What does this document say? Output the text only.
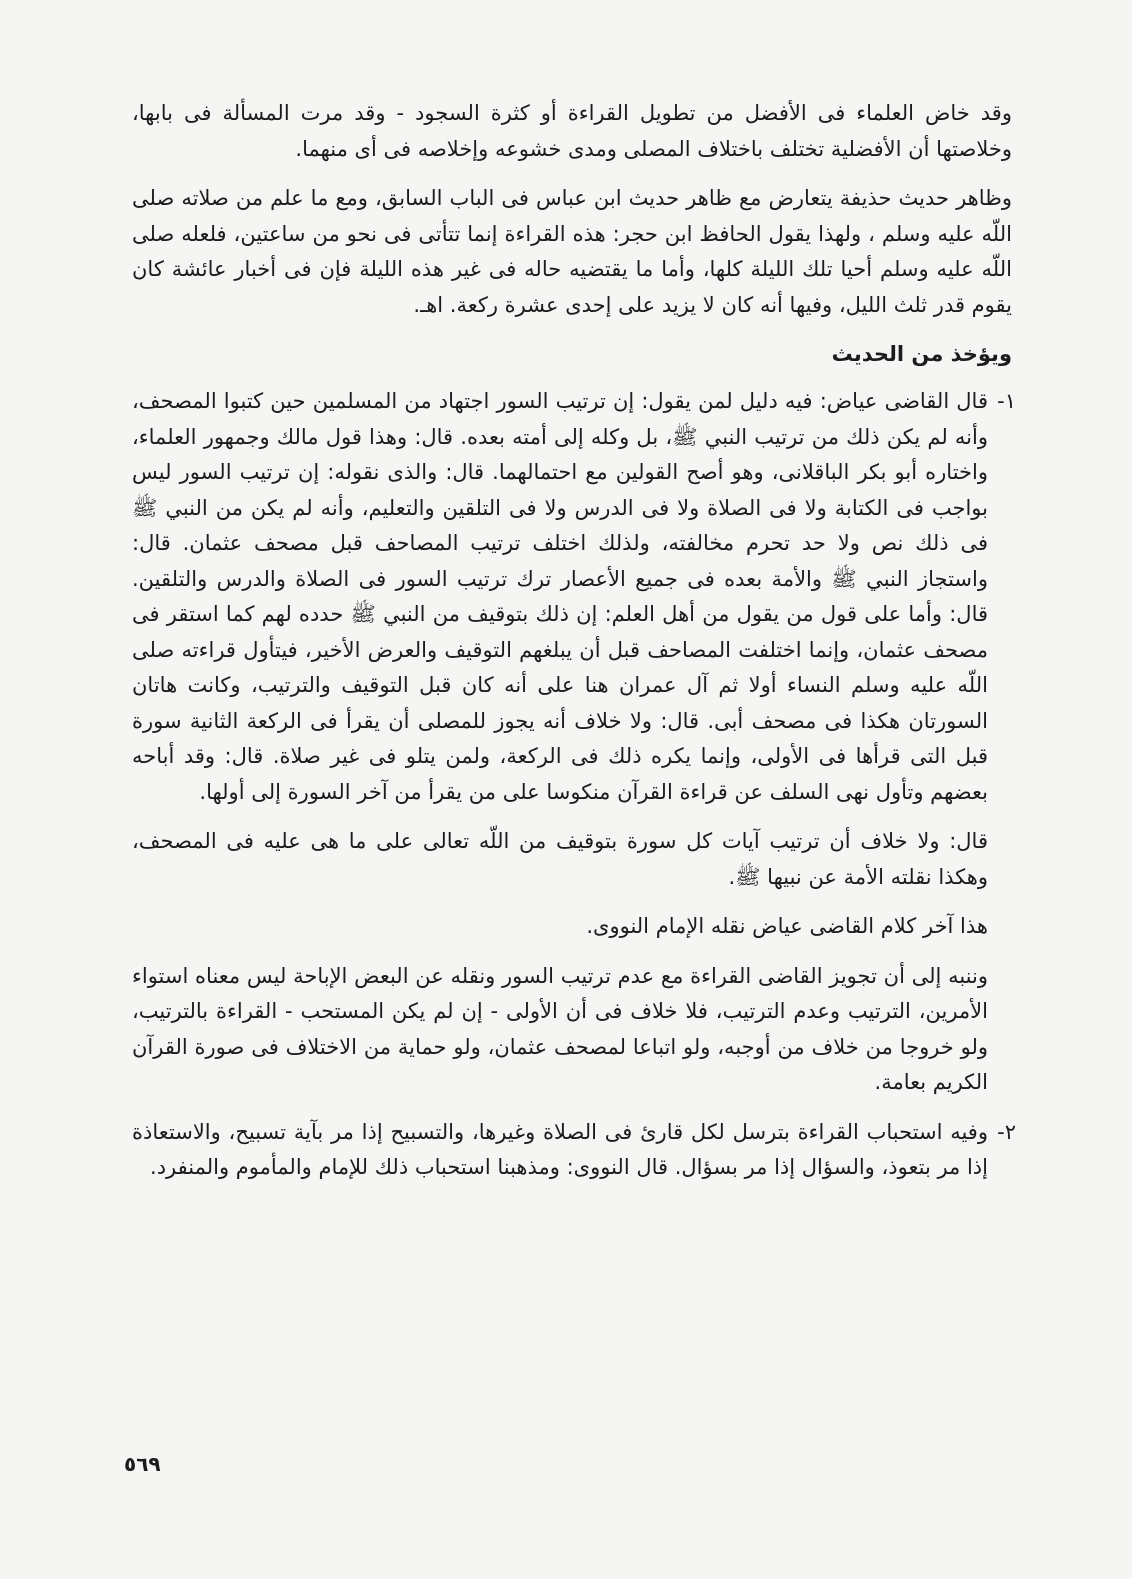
وقد خاض العلماء فى الأفضل من تطويل القراءة أو كثرة السجود - وقد مرت المسألة فى بابها، وخلاصتها أن الأفضلية تختلف باختلاف المصلى ومدى خشوعه وإخلاصه فى أى منهما.

وظاهر حديث حذيفة يتعارض مع ظاهر حديث ابن عباس فى الباب السابق، ومع ما علم من صلاته صلى اللّه عليه وسلم ، ولهذا يقول الحافظ ابن حجر: هذه القراءة إنما تتأتى فى نحو من ساعتين، فلعله صلى اللّه عليه وسلم أحيا تلك الليلة كلها، وأما ما يقتضيه حاله فى غير هذه الليلة فإن فى أخبار عائشة كان يقوم قدر ثلث الليل، وفيها أنه كان لا يزيد على إحدى عشرة ركعة. اهـ.

ويؤخذ من الحديث

١-
قال القاضى عياض: فيه دليل لمن يقول: إن ترتيب السور اجتهاد من المسلمين حين كتبوا المصحف، وأنه لم يكن ذلك من ترتيب النبي ﷺ، بل وكله إلى أمته بعده. قال: وهذا قول مالك وجمهور العلماء، واختاره أبو بكر الباقلانى، وهو أصح القولين مع احتمالهما. قال: والذى نقوله: إن ترتيب السور ليس بواجب فى الكتابة ولا فى الصلاة ولا فى الدرس ولا فى التلقين والتعليم، وأنه لم يكن من النبي ﷺ فى ذلك نص ولا حد تحرم مخالفته، ولذلك اختلف ترتيب المصاحف قبل مصحف عثمان. قال: واستجاز النبي ﷺ والأمة بعده فى جميع الأعصار ترك ترتيب السور فى الصلاة والدرس والتلقين. قال: وأما على قول من يقول من أهل العلم: إن ذلك بتوقيف من النبي ﷺ حدده لهم كما استقر فى مصحف عثمان، وإنما اختلفت المصاحف قبل أن يبلغهم التوقيف والعرض الأخير، فيتأول قراءته صلى اللّه عليه وسلم النساء أولا ثم آل عمران هنا على أنه كان قبل التوقيف والترتيب، وكانت هاتان السورتان هكذا فى مصحف أبى. قال: ولا خلاف أنه يجوز للمصلى أن يقرأ فى الركعة الثانية سورة قبل التى قرأها فى الأولى، وإنما يكره ذلك فى الركعة، ولمن يتلو فى غير صلاة. قال: وقد أباحه بعضهم وتأول نهى السلف عن قراءة القرآن منكوسا على من يقرأ من آخر السورة إلى أولها.

قال: ولا خلاف أن ترتيب آيات كل سورة بتوقيف من اللّه تعالى على ما هى عليه فى المصحف، وهكذا نقلته الأمة عن نبيها ﷺ.

هذا آخر كلام القاضى عياض نقله الإمام النووى.

وننبه إلى أن تجويز القاضى القراءة مع عدم ترتيب السور ونقله عن البعض الإباحة ليس معناه استواء الأمرين، الترتيب وعدم الترتيب، فلا خلاف فى أن الأولى - إن لم يكن المستحب - القراءة بالترتيب، ولو خروجا من خلاف من أوجبه، ولو اتباعا لمصحف عثمان، ولو حماية من الاختلاف فى صورة القرآن الكريم بعامة.

٢-
وفيه استحباب القراءة بترسل لكل قارئ فى الصلاة وغيرها، والتسبيح إذا مر بآية تسبيح، والاستعاذة إذا مر بتعوذ، والسؤال إذا مر بسؤال. قال النووى: ومذهبنا استحباب ذلك للإمام والمأموم والمنفرد.
٥٦٩
